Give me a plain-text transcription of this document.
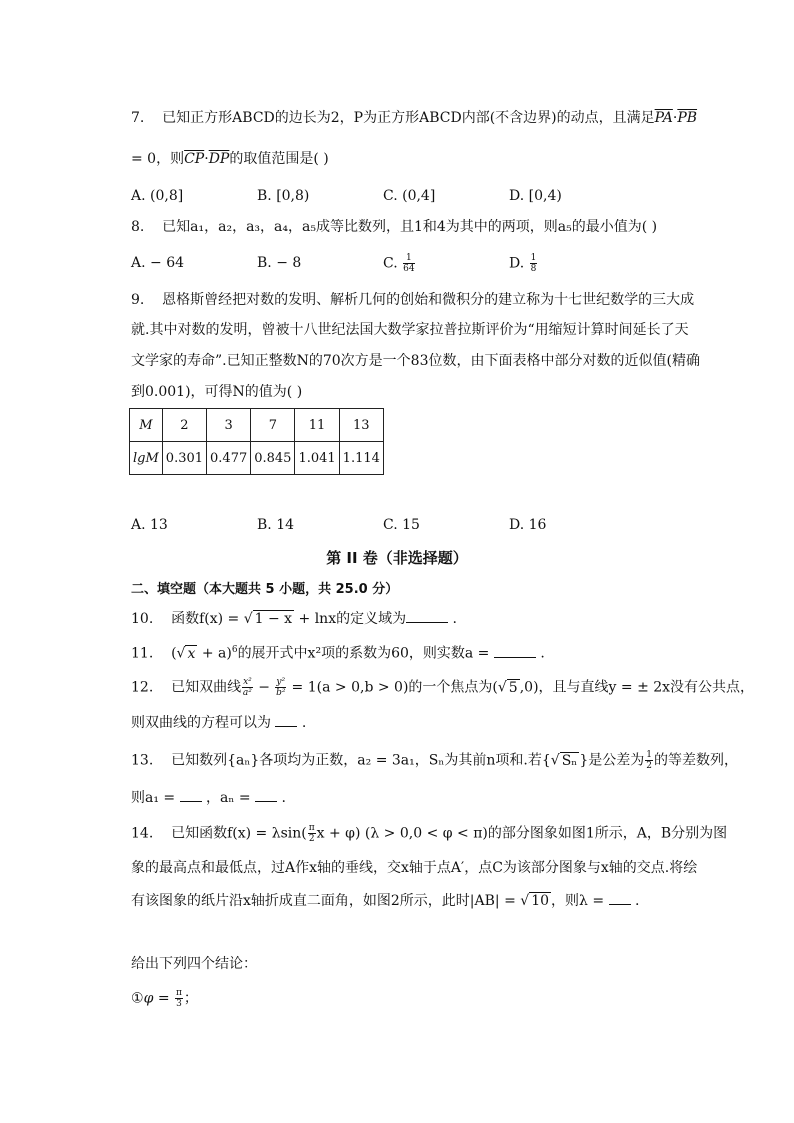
7. 已知正方形ABCD的边长为2，P为正方形ABCD内部(不含边界)的动点，且满足$\overline{PA}\cdot\overline{PB}$
= 0，则$\overline{CP}\cdot\overline{DP}$的取值范围是( )
A. (0,8]	B. [0,8)	C. (0,4]	D. [0,4)
8. 已知a₁，a₂，a₃，a₄，a₅成等比数列，且1和4为其中的两项，则a₅的最小值为( )
A. − 64	B. − 8	C. $\frac{1}{64}$	D. $\frac{1}{8}$
9. 恩格斯曾经把对数的发明、解析几何的创始和微积分的建立称为十七世纪数学的三大成
就.其中对数的发明，曾被十八世纪法国大数学家拉普拉斯评价为“用缩短计算时间延长了天
文学家的寿命”.已知正整数N的70次方是一个83位数，由下面表格中部分对数的近似值(精确
到0.001)，可得N的值为( )
M	2	3	7	11	13
lgM	0.301	0.477	0.845	1.041	1.114
A. 13	B. 14	C. 15	D. 16
第 II 卷（非选择题）
二、填空题（本大题共 5 小题，共 25.0 分）
10. 函数f(x) = √ 1 − x + lnx的定义域为	.
11. (√ x + a)$^6$的展开式中x²项的系数为60，则实数a =	.
12. 已知双曲线 $\frac{\text{x²}}{\text{a²}} - \frac{\text{y²}}{\text{b²}} = 1(a > 0,b > 0)$的一个焦点为(√ 5 ,0)，且与直线y = ± 2x没有公共点，
则双曲线的方程可以为  .
13. 已知数列{aₙ}各项均为正数，a₂ = 3a₁，Sₙ为其前n项和.若{√ Sₙ }是公差为 $\frac{1}{2}$ 的等差数列，
则a₁ =  ，aₙ =  .
14. 已知函数$f(x) = \lambda\sin( \frac{\pi}{2}$ x + φ) (λ > 0,0 < φ < π)的部分图象如图1所示，A，B分别为图
象的最高点和最低点，过A作x轴的垂线，交x轴于点A′，点C为该部分图象与x轴的交点.将绘
有该图象的纸片沿x轴折成直二面角，如图2所示，此时|AB| = √ 10 ，则λ =  .
给出下列四个结论：
①φ = $\frac{\pi}{3}$ ；
